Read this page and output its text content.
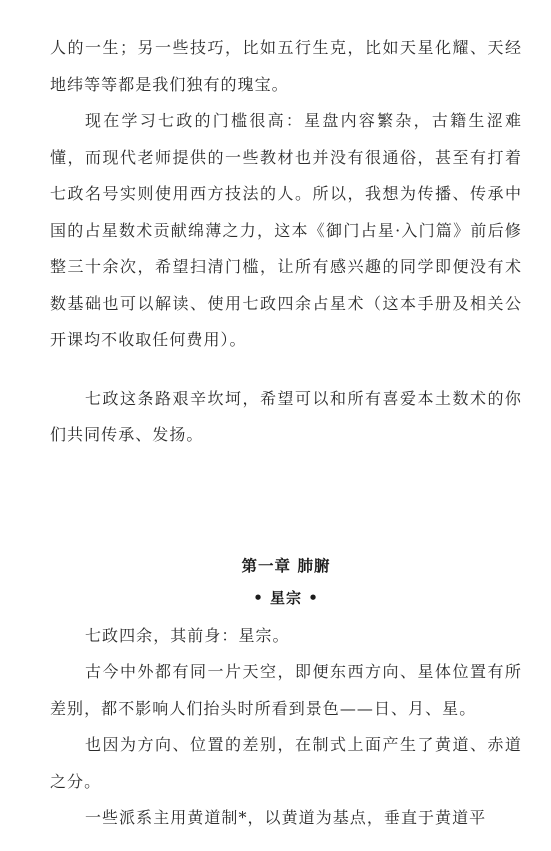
人的一生；另一些技巧，比如五行生克，比如天星化耀、天经地纬等等都是我们独有的瑰宝。

现在学习七政的门槛很高：星盘内容繁杂，古籍生涩难懂，而现代老师提供的一些教材也并没有很通俗，甚至有打着七政名号实则使用西方技法的人。所以，我想为传播、传承中国的占星数术贡献绵薄之力，这本《御门占星·入门篇》前后修整三十余次，希望扫清门槛，让所有感兴趣的同学即便没有术数基础也可以解读、使用七政四余占星术（这本手册及相关公开课均不收取任何费用）。

七政这条路艰辛坎坷，希望可以和所有喜爱本土数术的你们共同传承、发扬。

第一章 肺腑
• 星宗 •

七政四余，其前身：星宗。

古今中外都有同一片天空，即便东西方向、星体位置有所差别，都不影响人们抬头时所看到景色——日、月、星。

也因为方向、位置的差别，在制式上面产生了黄道、赤道之分。

一些派系主用黄道制*，以黄道为基点，垂直于黄道平
